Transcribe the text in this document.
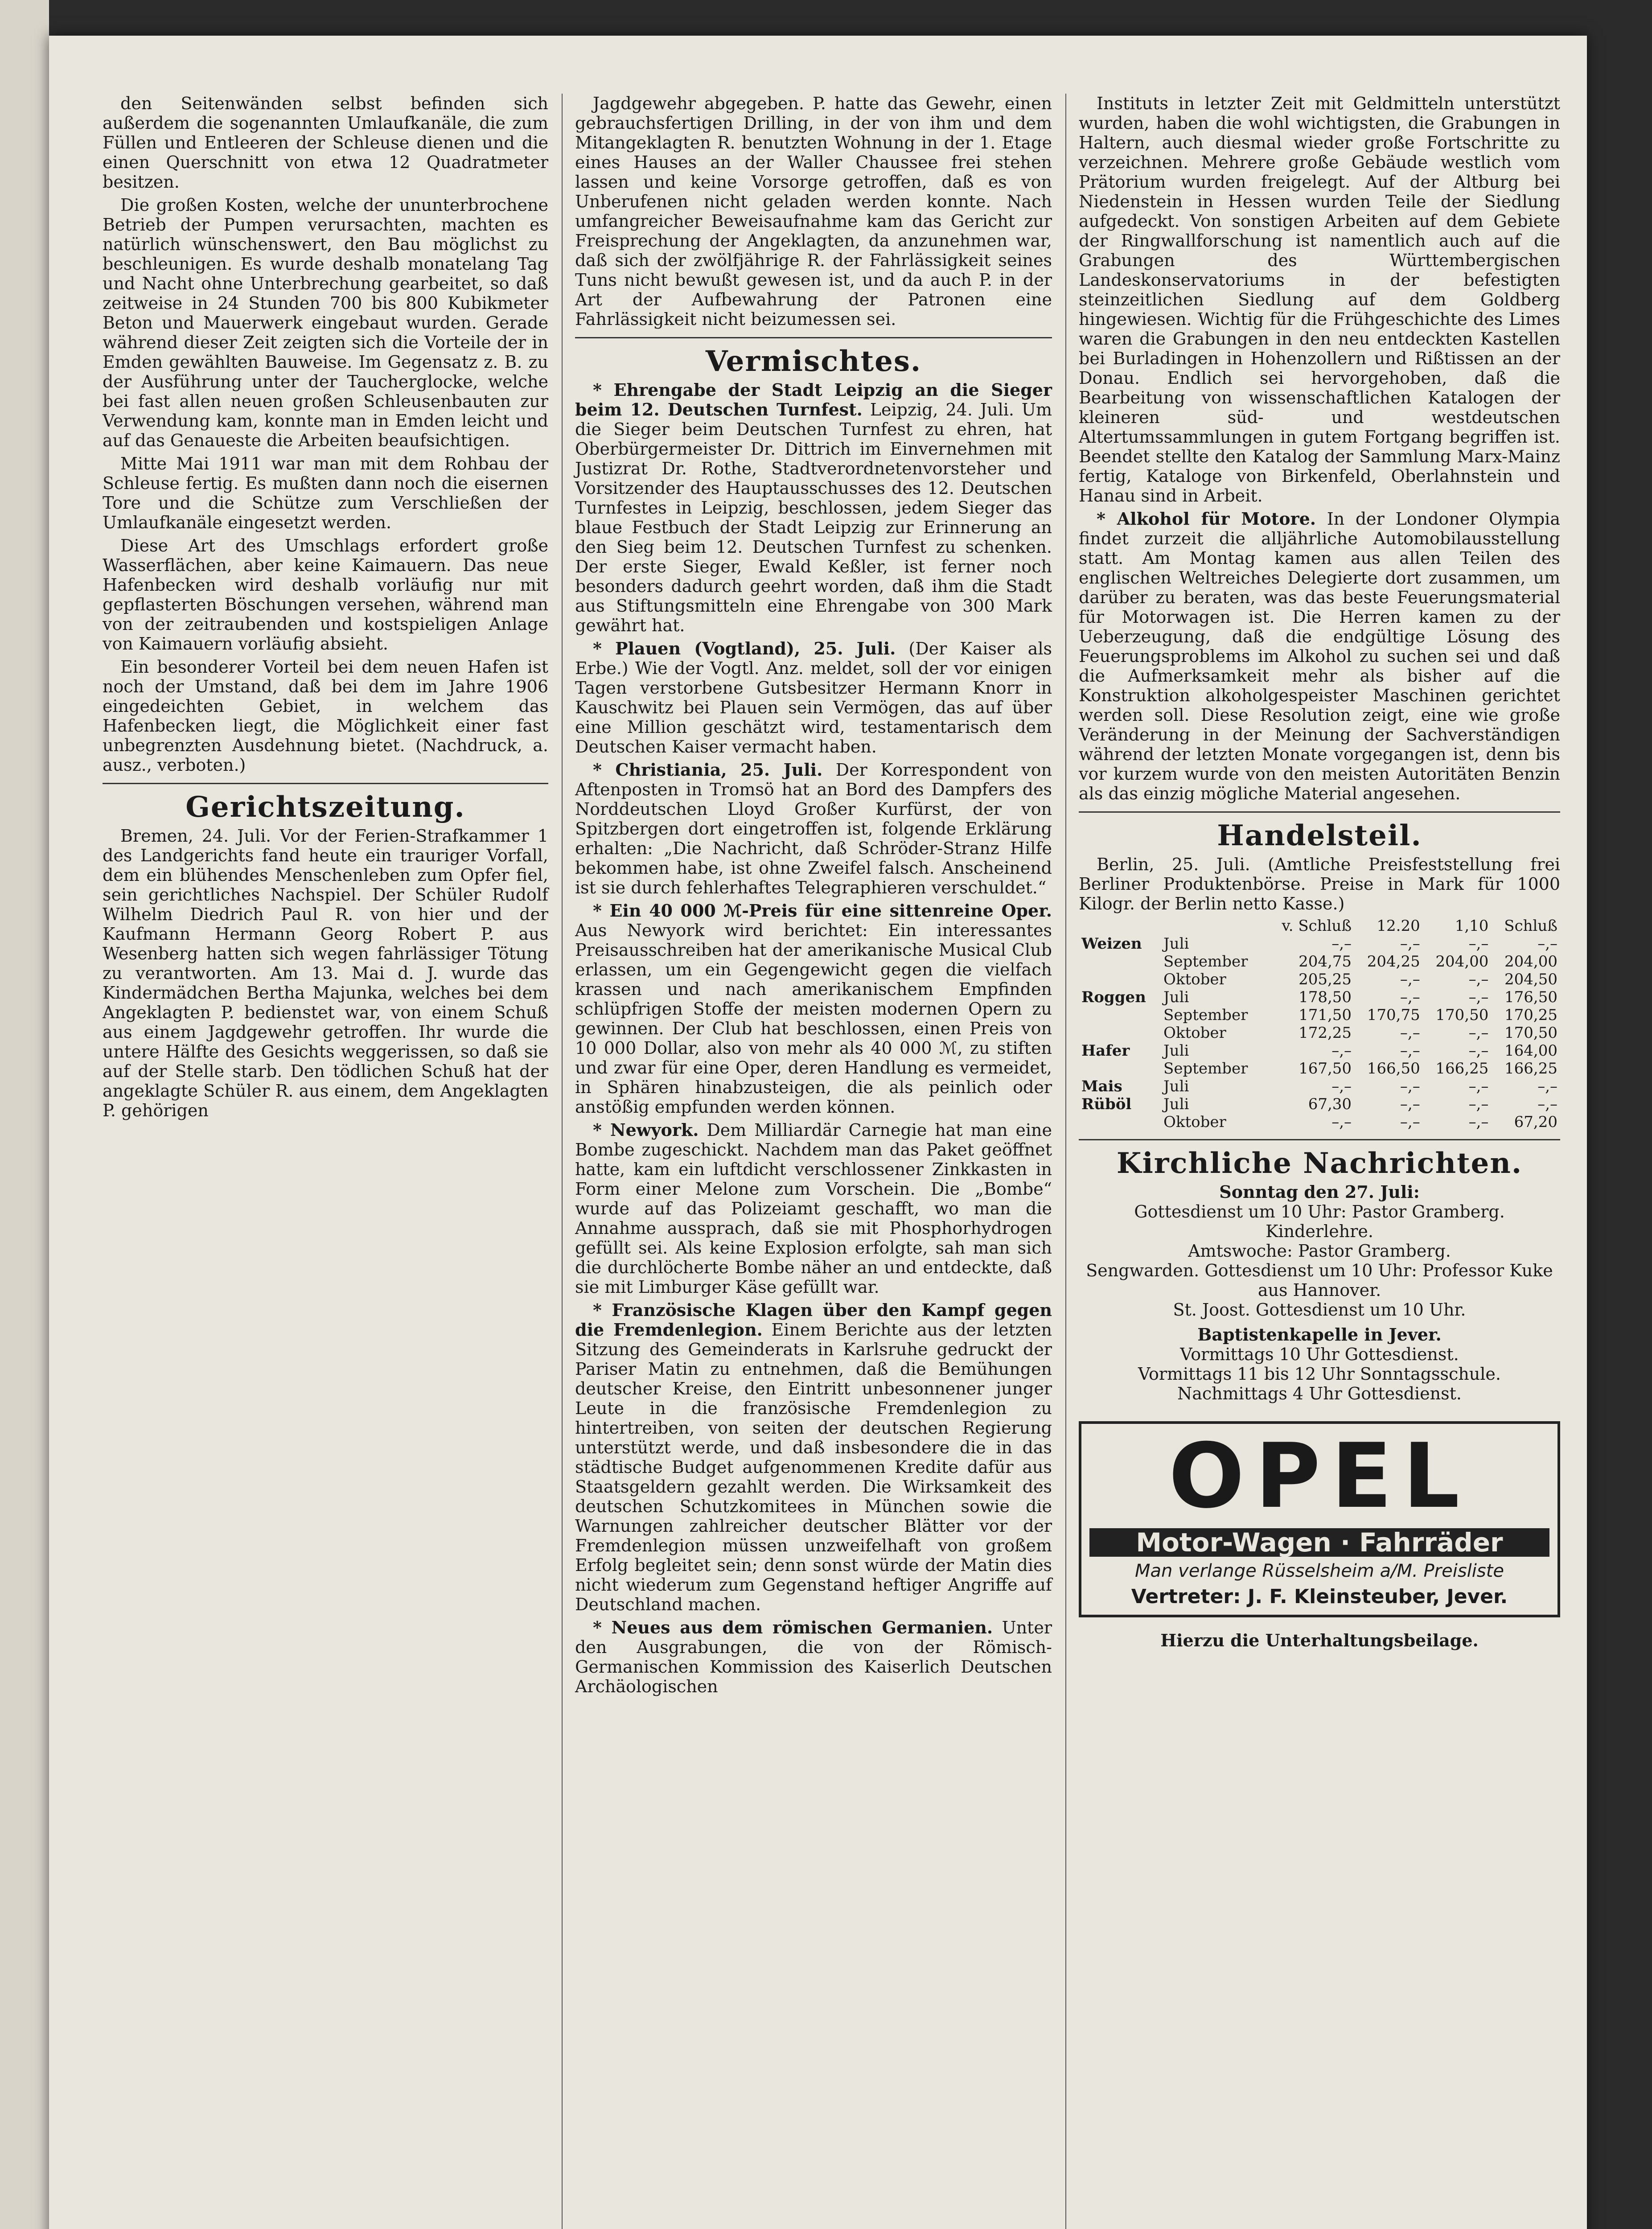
den Seitenwänden selbst befinden sich außerdem die sogenannten Umlaufkanäle, die zum Füllen und Entleeren der Schleuse dienen und die einen Querschnitt von etwa 12 Quadratmeter besitzen.

Die großen Kosten, welche der ununterbrochene Betrieb der Pumpen verursachten, machten es natürlich wünschenswert, den Bau möglichst zu beschleunigen. Es wurde deshalb monatelang Tag und Nacht ohne Unterbrechung gearbeitet, so daß zeitweise in 24 Stunden 700 bis 800 Kubikmeter Beton und Mauerwerk eingebaut wurden. Gerade während dieser Zeit zeigten sich die Vorteile der in Emden gewählten Bauweise. Im Gegensatz z. B. zu der Ausführung unter der Taucherglocke, welche bei fast allen neuen großen Schleusenbauten zur Verwendung kam, konnte man in Emden leicht und auf das Genaueste die Arbeiten beaufsichtigen.

Mitte Mai 1911 war man mit dem Rohbau der Schleuse fertig. Es mußten dann noch die eisernen Tore und die Schütze zum Verschließen der Umlaufkanäle eingesetzt werden.

Diese Art des Umschlags erfordert große Wasserflächen, aber keine Kaimauern. Das neue Hafenbecken wird deshalb vorläufig nur mit gepflasterten Böschungen versehen, während man von der zeitraubenden und kostspieligen Anlage von Kaimauern vorläufig absieht.

Ein besonderer Vorteil bei dem neuen Hafen ist noch der Umstand, daß bei dem im Jahre 1906 eingedeichten Gebiet, in welchem das Hafenbecken liegt, die Möglichkeit einer fast unbegrenzten Ausdehnung bietet. (Nachdruck, a. ausz., verboten.)

Gerichtszeitung.

Bremen, 24. Juli. Vor der Ferien-Strafkammer 1 des Landgerichts fand heute ein trauriger Vorfall, dem ein blühendes Menschenleben zum Opfer fiel, sein gerichtliches Nachspiel. Der Schüler Rudolf Wilhelm Diedrich Paul R. von hier und der Kaufmann Hermann Georg Robert P. aus Wesenberg hatten sich wegen fahrlässiger Tötung zu verantworten. Am 13. Mai d. J. wurde das Kindermädchen Bertha Majunka, welches bei dem Angeklagten P. bedienstet war, von einem Schuß aus einem Jagdgewehr getroffen. Ihr wurde die untere Hälfte des Gesichts weggerissen, so daß sie auf der Stelle starb. Den tödlichen Schuß hat der angeklagte Schüler R. aus einem, dem Angeklagten P. gehörigen

Jagdgewehr abgegeben. P. hatte das Gewehr, einen gebrauchsfertigen Drilling, in der von ihm und dem Mitangeklagten R. benutzten Wohnung in der 1. Etage eines Hauses an der Waller Chaussee frei stehen lassen und keine Vorsorge getroffen, daß es von Unberufenen nicht geladen werden konnte. Nach umfangreicher Beweisaufnahme kam das Gericht zur Freisprechung der Angeklagten, da anzunehmen war, daß sich der zwölfjährige R. der Fahrlässigkeit seines Tuns nicht bewußt gewesen ist, und da auch P. in der Art der Aufbewahrung der Patronen eine Fahrlässigkeit nicht beizumessen sei.

Vermischtes.

* Ehrengabe der Stadt Leipzig an die Sieger beim 12. Deutschen Turnfest. Leipzig, 24. Juli. Um die Sieger beim Deutschen Turnfest zu ehren, hat Oberbürgermeister Dr. Dittrich im Einvernehmen mit Justizrat Dr. Rothe, Stadtverordnetenvorsteher und Vorsitzender des Hauptausschusses des 12. Deutschen Turnfestes in Leipzig, beschlossen, jedem Sieger das blaue Festbuch der Stadt Leipzig zur Erinnerung an den Sieg beim 12. Deutschen Turnfest zu schenken. Der erste Sieger, Ewald Keßler, ist ferner noch besonders dadurch geehrt worden, daß ihm die Stadt aus Stiftungsmitteln eine Ehrengabe von 300 Mark gewährt hat.

* Plauen (Vogtland), 25. Juli. (Der Kaiser als Erbe.) Wie der Vogtl. Anz. meldet, soll der vor einigen Tagen verstorbene Gutsbesitzer Hermann Knorr in Kauschwitz bei Plauen sein Vermögen, das auf über eine Million geschätzt wird, testamentarisch dem Deutschen Kaiser vermacht haben.

* Christiania, 25. Juli. Der Korrespondent von Aftenposten in Tromsö hat an Bord des Dampfers des Norddeutschen Lloyd Großer Kurfürst, der von Spitzbergen dort eingetroffen ist, folgende Erklärung erhalten: „Die Nachricht, daß Schröder-Stranz Hilfe bekommen habe, ist ohne Zweifel falsch. Anscheinend ist sie durch fehlerhaftes Telegraphieren verschuldet.“

* Ein 40 000 ℳ-Preis für eine sittenreine Oper. Aus Newyork wird berichtet: Ein interessantes Preisausschreiben hat der amerikanische Musical Club erlassen, um ein Gegengewicht gegen die vielfach krassen und nach amerikanischem Empfinden schlüpfrigen Stoffe der meisten modernen Opern zu gewinnen. Der Club hat beschlossen, einen Preis von 10 000 Dollar, also von mehr als 40 000 ℳ, zu stiften und zwar für eine Oper, deren Handlung es vermeidet, in Sphären hinabzusteigen, die als peinlich oder anstößig empfunden werden können.

* Newyork. Dem Milliardär Carnegie hat man eine Bombe zugeschickt. Nachdem man das Paket geöffnet hatte, kam ein luftdicht verschlossener Zinkkasten in Form einer Melone zum Vorschein. Die „Bombe“ wurde auf das Polizeiamt geschafft, wo man die Annahme aussprach, daß sie mit Phosphorhydrogen gefüllt sei. Als keine Explosion erfolgte, sah man sich die durchlöcherte Bombe näher an und entdeckte, daß sie mit Limburger Käse gefüllt war.

* Französische Klagen über den Kampf gegen die Fremdenlegion. Einem Berichte aus der letzten Sitzung des Gemeinderats in Karlsruhe gedruckt der Pariser Matin zu entnehmen, daß die Bemühungen deutscher Kreise, den Eintritt unbesonnener junger Leute in die französische Fremdenlegion zu hintertreiben, von seiten der deutschen Regierung unterstützt werde, und daß insbesondere die in das städtische Budget aufgenommenen Kredite dafür aus Staatsgeldern gezahlt werden. Die Wirksamkeit des deutschen Schutzkomitees in München sowie die Warnungen zahlreicher deutscher Blätter vor der Fremdenlegion müssen unzweifelhaft von großem Erfolg begleitet sein; denn sonst würde der Matin dies nicht wiederum zum Gegenstand heftiger Angriffe auf Deutschland machen.

* Neues aus dem römischen Germanien. Unter den Ausgrabungen, die von der Römisch-Germanischen Kommission des Kaiserlich Deutschen Archäologischen

Instituts in letzter Zeit mit Geldmitteln unterstützt wurden, haben die wohl wichtigsten, die Grabungen in Haltern, auch diesmal wieder große Fortschritte zu verzeichnen. Mehrere große Gebäude westlich vom Prätorium wurden freigelegt. Auf der Altburg bei Niedenstein in Hessen wurden Teile der Siedlung aufgedeckt. Von sonstigen Arbeiten auf dem Gebiete der Ringwallforschung ist namentlich auch auf die Grabungen des Württembergischen Landeskonservatoriums in der befestigten steinzeitlichen Siedlung auf dem Goldberg hingewiesen. Wichtig für die Frühgeschichte des Limes waren die Grabungen in den neu entdeckten Kastellen bei Burladingen in Hohenzollern und Rißtissen an der Donau. Endlich sei hervorgehoben, daß die Bearbeitung von wissenschaftlichen Katalogen der kleineren süd- und westdeutschen Altertumssammlungen in gutem Fortgang begriffen ist. Beendet stellte den Katalog der Sammlung Marx-Mainz fertig, Kataloge von Birkenfeld, Oberlahnstein und Hanau sind in Arbeit.

* Alkohol für Motore. In der Londoner Olympia findet zurzeit die alljährliche Automobilausstellung statt. Am Montag kamen aus allen Teilen des englischen Weltreiches Delegierte dort zusammen, um darüber zu beraten, was das beste Feuerungsmaterial für Motorwagen ist. Die Herren kamen zu der Ueberzeugung, daß die endgültige Lösung des Feuerungsproblems im Alkohol zu suchen sei und daß die Aufmerksamkeit mehr als bisher auf die Konstruktion alkoholgespeister Maschinen gerichtet werden soll. Diese Resolution zeigt, eine wie große Veränderung in der Meinung der Sachverständigen während der letzten Monate vorgegangen ist, denn bis vor kurzem wurde von den meisten Autoritäten Benzin als das einzig mögliche Material angesehen.

Handelsteil.

Berlin, 25. Juli. (Amtliche Preisfeststellung frei Berliner Produktenbörse. Preise in Mark für 1000 Kilogr. der Berlin netto Kasse.)

		v. Schluß	12.20	1,10	Schluß
Weizen	Juli	–,–	–,–	–,–	–,–
	September	204,75	204,25	204,00	204,00
	Oktober	205,25	–,–	–,–	204,50
Roggen	Juli	178,50	–,–	–,–	176,50
	September	171,50	170,75	170,50	170,25
	Oktober	172,25	–,–	–,–	170,50
Hafer	Juli	–,–	–,–	–,–	164,00
	September	167,50	166,50	166,25	166,25
Mais	Juli	–,–	–,–	–,–	–,–
Rüböl	Juli	67,30	–,–	–,–	–,–
	Oktober	–,–	–,–	–,–	67,20
Kirchliche Nachrichten.
Sonntag den 27. Juli:
Gottesdienst um 10 Uhr: Pastor Gramberg.
Kinderlehre.
Amtswoche: Pastor Gramberg.
Sengwarden. Gottesdienst um 10 Uhr: Professor Kuke aus Hannover.
St. Joost. Gottesdienst um 10 Uhr.
Baptistenkapelle in Jever.
Vormittags 10 Uhr Gottesdienst.
Vormittags 11 bis 12 Uhr Sonntagsschule.
Nachmittags 4 Uhr Gottesdienst.
OPEL
Motor-Wagen · Fahrräder
Man verlange Rüsselsheim a/M. Preisliste
Vertreter: J. F. Kleinsteuber, Jever.
Hierzu die Unterhaltungsbeilage.
